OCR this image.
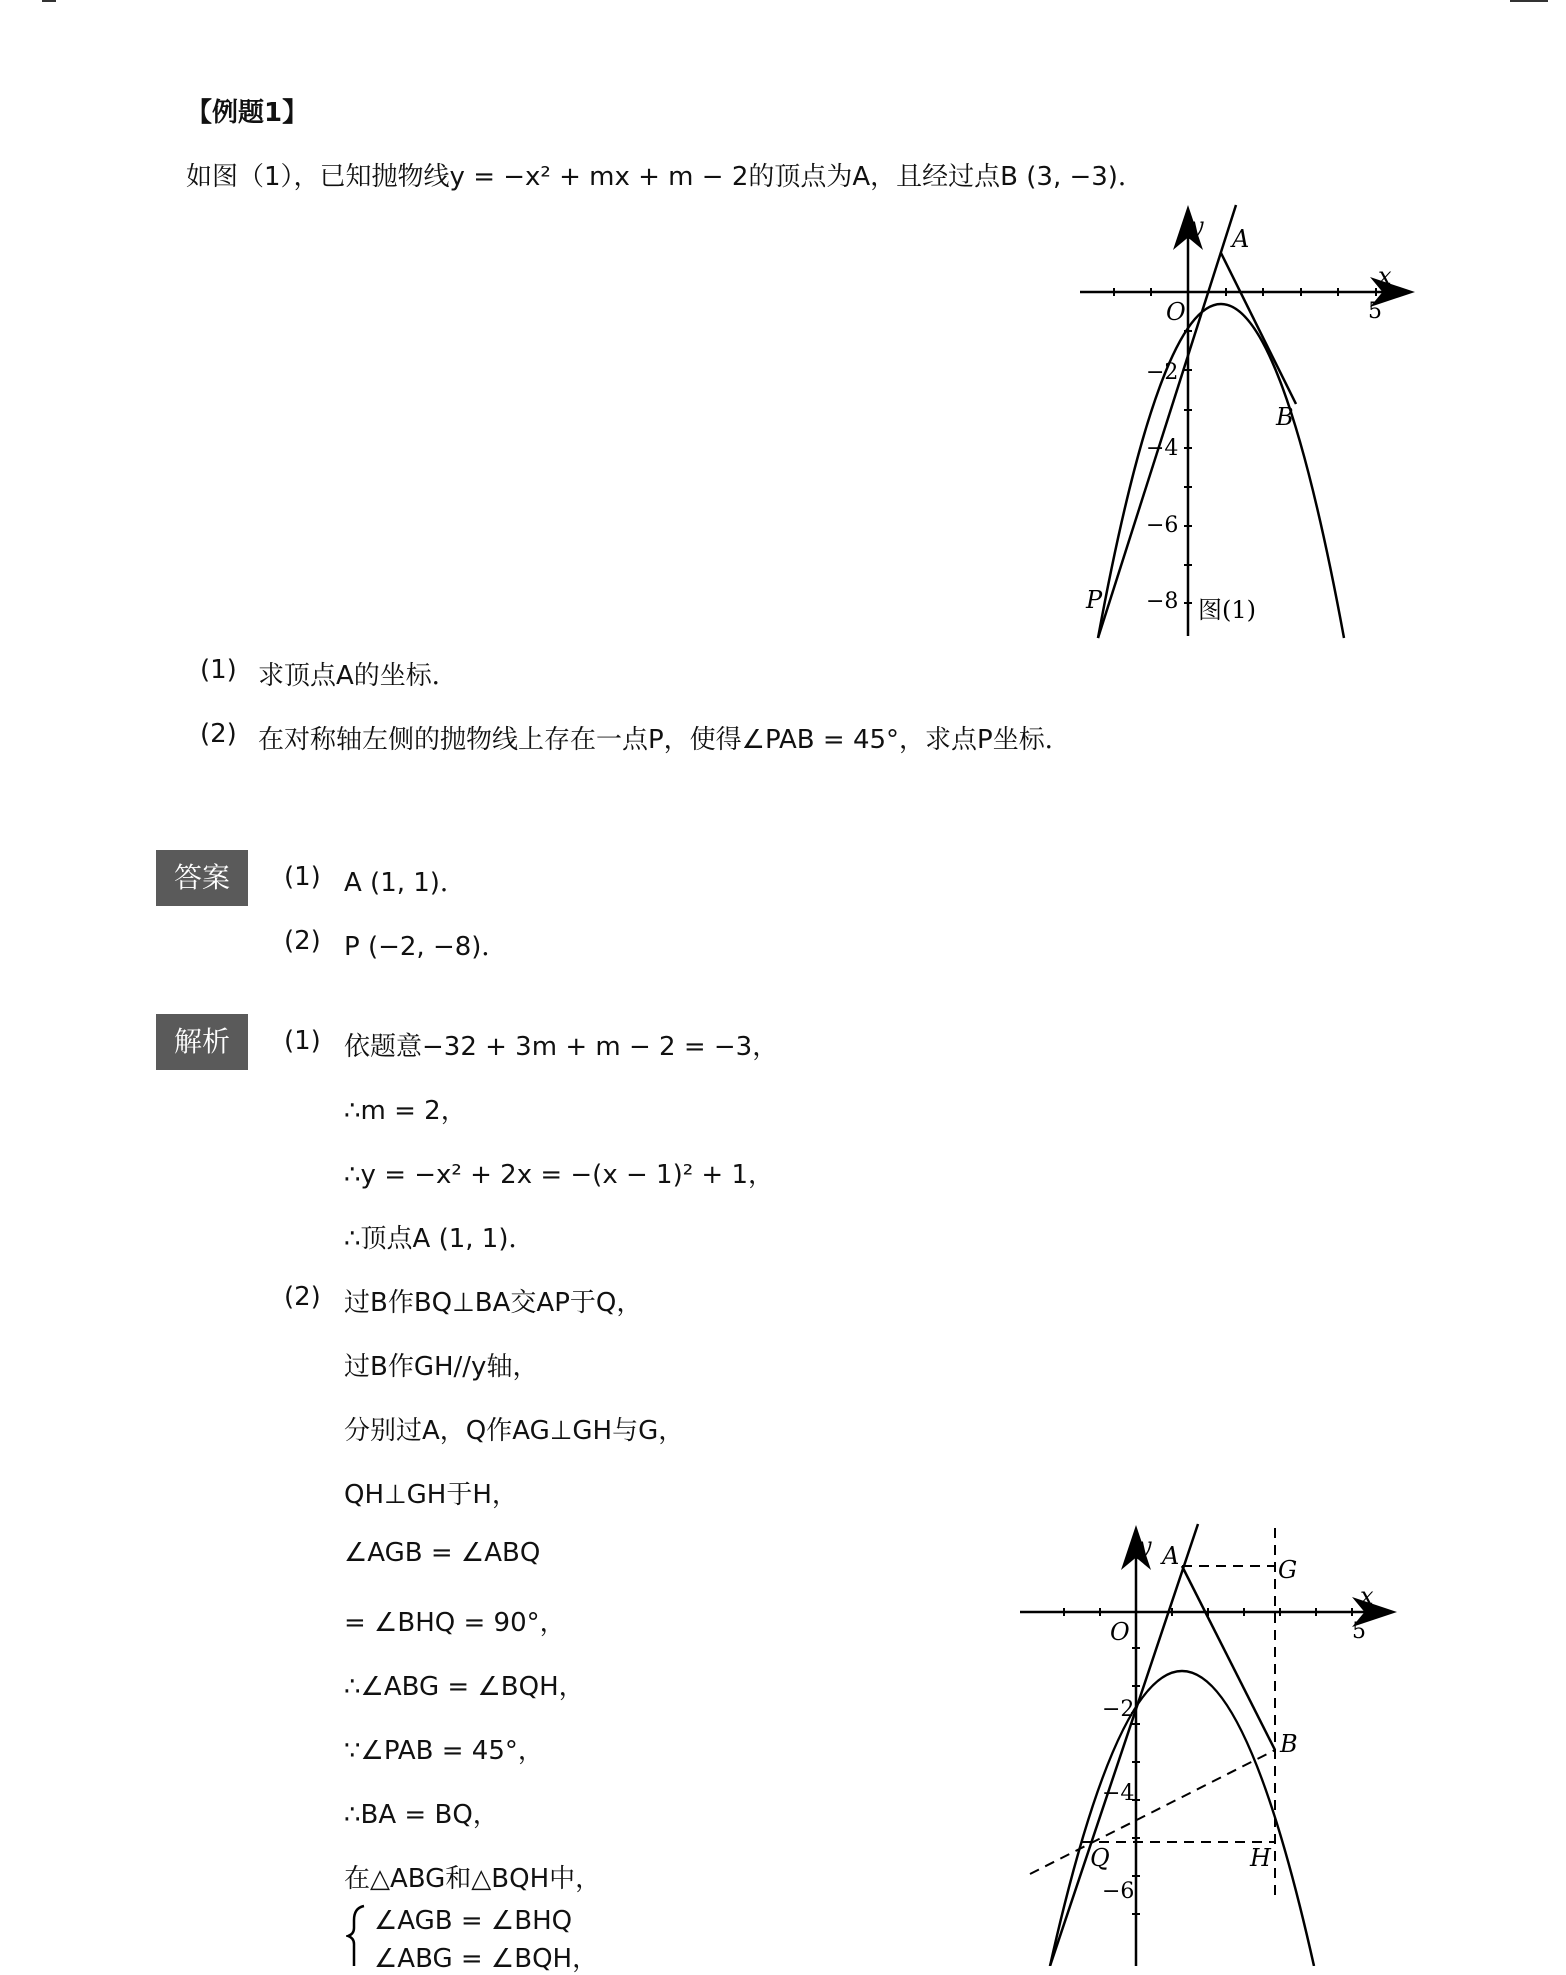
【例题1】
如图（1），已知抛物线y = −x² + mx + m − 2的顶点为A，且经过点B (3, −3)．
y A
x
O	5
−2
B
−4
−6
P −8 图(1)
(1) 求顶点A的坐标．
(2) 在对称轴左侧的抛物线上存在一点P，使得∠PAB = 45°，求点P坐标．
答案	(1) A (1, 1)．
(2) P (−2, −8)．
解析	(1) 依题意−32 + 3m + m − 2 = −3，
∴m = 2，
∴y = −x² + 2x = −(x − 1)² + 1，
∴顶点A (1, 1)．
(2) 过B作BQ⊥BA交AP于Q，
过B作GH//y轴，
分别过A，Q作AG⊥GH与G，
QH⊥GH于H，
∠AGB = ∠ABQ
= ∠BHQ = 90°，
∴∠ABG = ∠BQH，
∵∠PAB = 45°，
∴BA = BQ，
在△ABG和△BQH中，
∠AGB = ∠BHQ
∠ABG = ∠BQH，
y A	G
x
O	5
−2
B
−4
Q	H
−6
